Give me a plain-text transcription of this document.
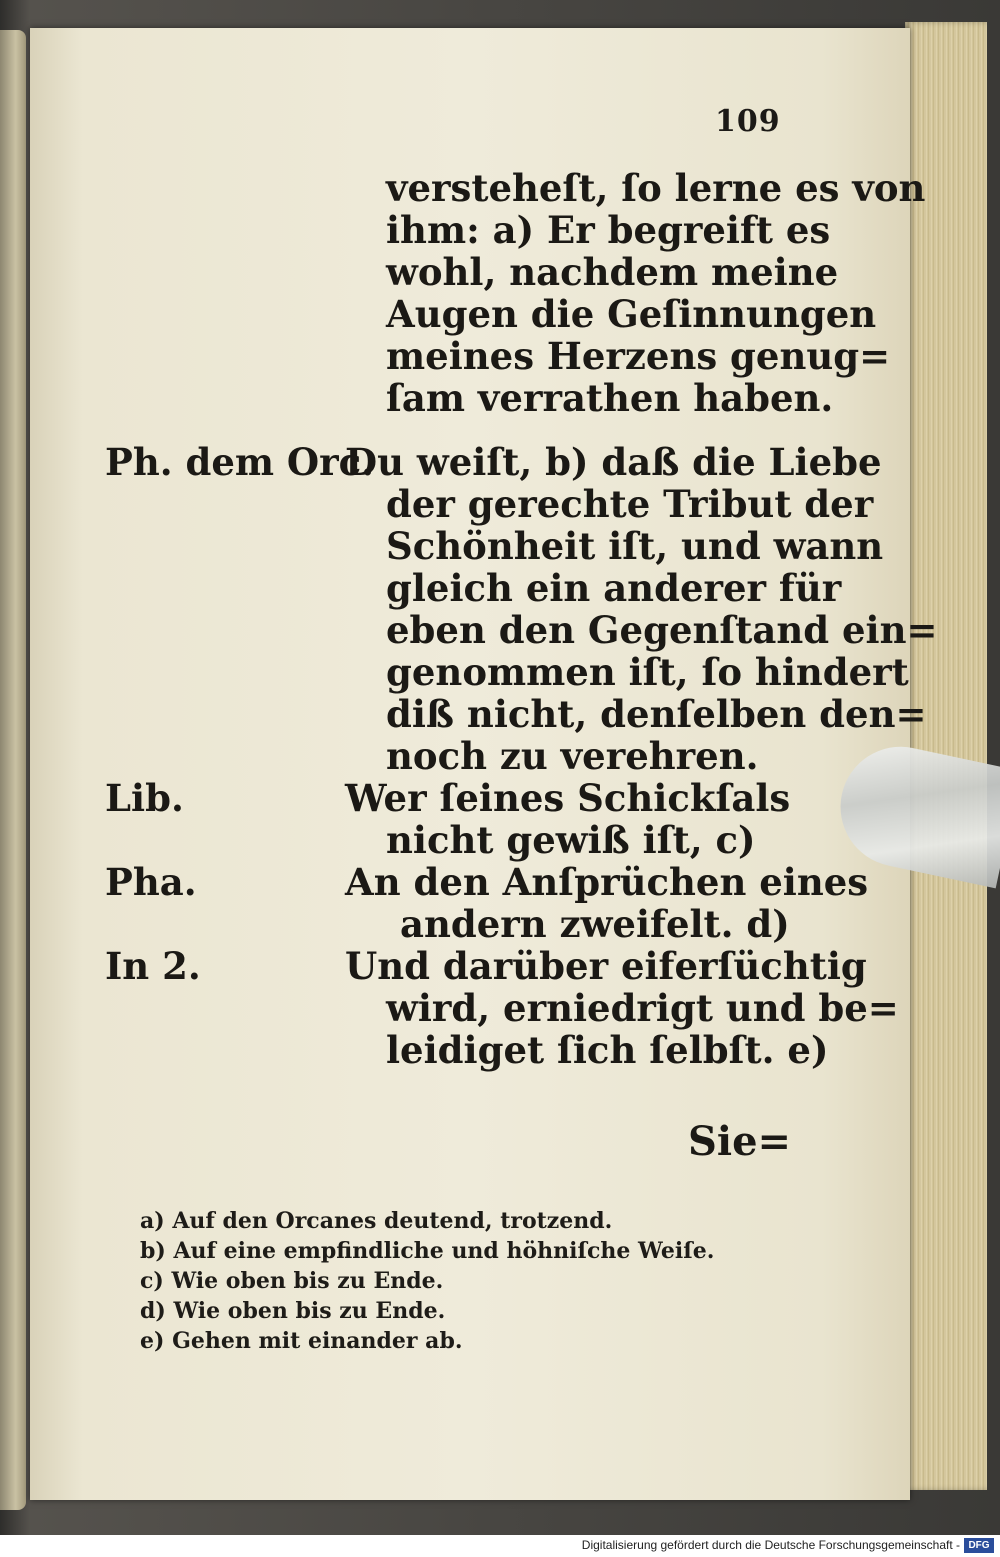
109
versteheſt, ſo lerne es von
ihm: a) Er begreift es
wohl, nachdem meine
Augen die Geſinnungen
meines Herzens genug=
ſam verrathen haben.
Ph. dem Orc.
Du weiſt, b) daß die Liebe
der gerechte Tribut der
Schönheit iſt, und wann
gleich ein anderer für
eben den Gegenſtand ein=
genommen iſt, ſo hindert
diß nicht, denſelben den=
noch zu verehren.
Lib.	Wer ſeines Schickſals
nicht gewiß iſt, c)
Pha.	An den Anſprüchen eines
andern zweifelt. d)
In 2.	Und darüber eiferſüchtig
wird, erniedrigt und be=
leidiget ſich ſelbſt. e)
Sie=
a) Auf den Orcanes deutend, trotzend.
b) Auf eine empfindliche und höhniſche Weiſe.
c) Wie oben bis zu Ende.
d) Wie oben bis zu Ende.
e) Gehen mit einander ab.
Digitalisierung gefördert durch die Deutsche Forschungsgemeinschaft - DFG
